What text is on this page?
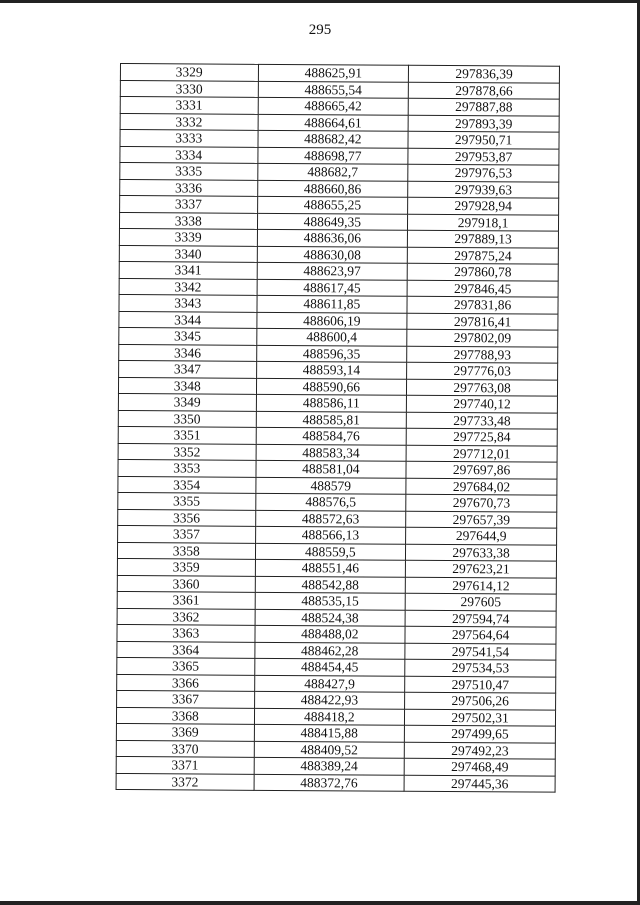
295
3329	488625,91	297836,39
3330	488655,54	297878,66
3331	488665,42	297887,88
3332	488664,61	297893,39
3333	488682,42	297950,71
3334	488698,77	297953,87
3335	488682,7	297976,53
3336	488660,86	297939,63
3337	488655,25	297928,94
3338	488649,35	297918,1
3339	488636,06	297889,13
3340	488630,08	297875,24
3341	488623,97	297860,78
3342	488617,45	297846,45
3343	488611,85	297831,86
3344	488606,19	297816,41
3345	488600,4	297802,09
3346	488596,35	297788,93
3347	488593,14	297776,03
3348	488590,66	297763,08
3349	488586,11	297740,12
3350	488585,81	297733,48
3351	488584,76	297725,84
3352	488583,34	297712,01
3353	488581,04	297697,86
3354	488579	297684,02
3355	488576,5	297670,73
3356	488572,63	297657,39
3357	488566,13	297644,9
3358	488559,5	297633,38
3359	488551,46	297623,21
3360	488542,88	297614,12
3361	488535,15	297605
3362	488524,38	297594,74
3363	488488,02	297564,64
3364	488462,28	297541,54
3365	488454,45	297534,53
3366	488427,9	297510,47
3367	488422,93	297506,26
3368	488418,2	297502,31
3369	488415,88	297499,65
3370	488409,52	297492,23
3371	488389,24	297468,49
3372	488372,76	297445,36
